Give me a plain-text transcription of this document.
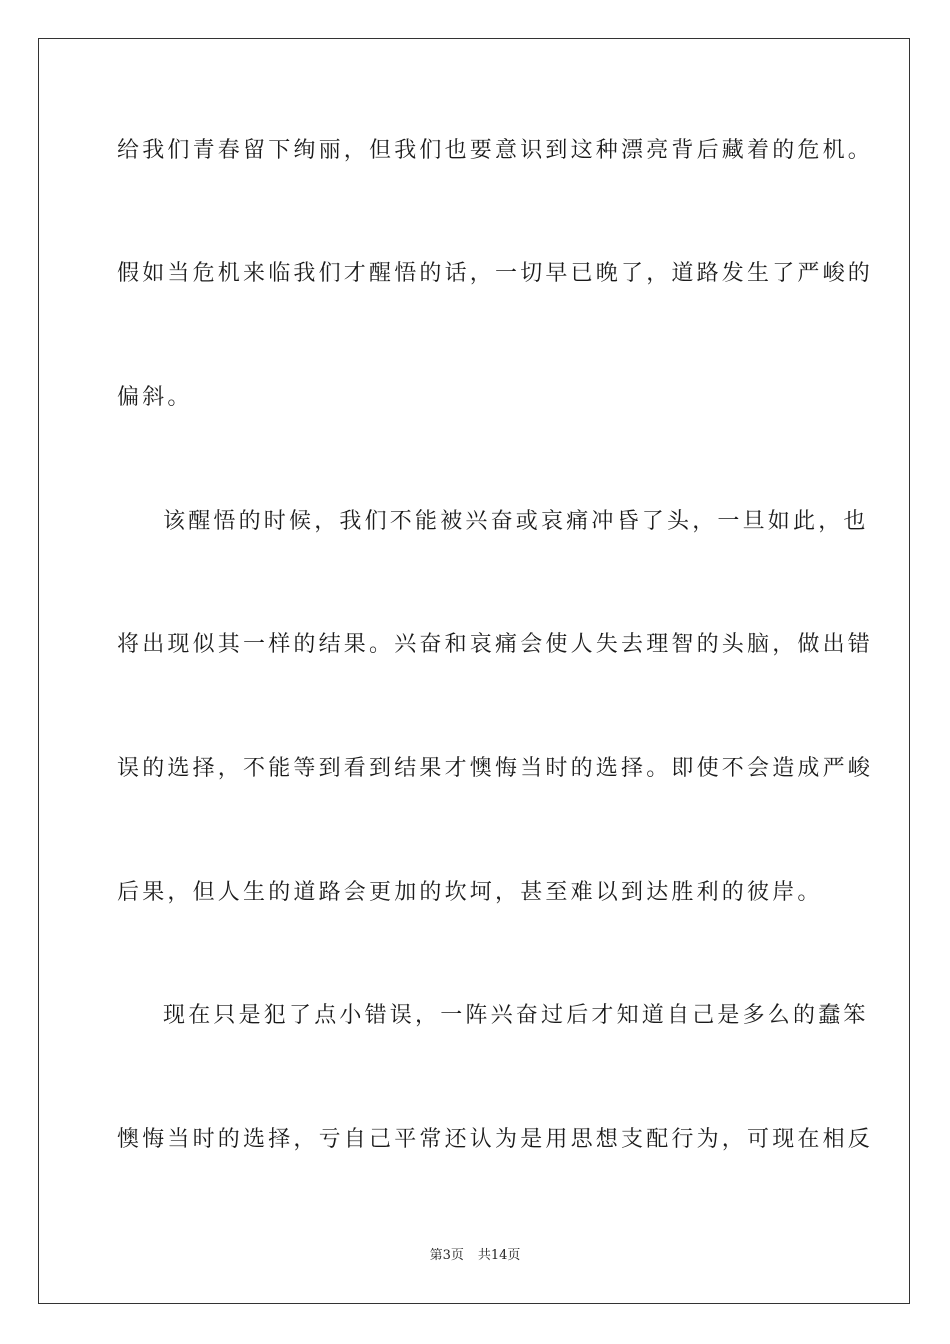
给我们青春留下绚丽，但我们也要意识到这种漂亮背后藏着的危机。
假如当危机来临我们才醒悟的话，一切早已晚了，道路发生了严峻的
偏斜。
该醒悟的时候，我们不能被兴奋或哀痛冲昏了头，一旦如此，也
将出现似其一样的结果。兴奋和哀痛会使人失去理智的头脑，做出错
误的选择，不能等到看到结果才懊悔当时的选择。即使不会造成严峻
后果，但人生的道路会更加的坎坷，甚至难以到达胜利的彼岸。
现在只是犯了点小错误，一阵兴奋过后才知道自己是多么的蠢笨
懊悔当时的选择，亏自己平常还认为是用思想支配行为，可现在相反
第3页 共14页
